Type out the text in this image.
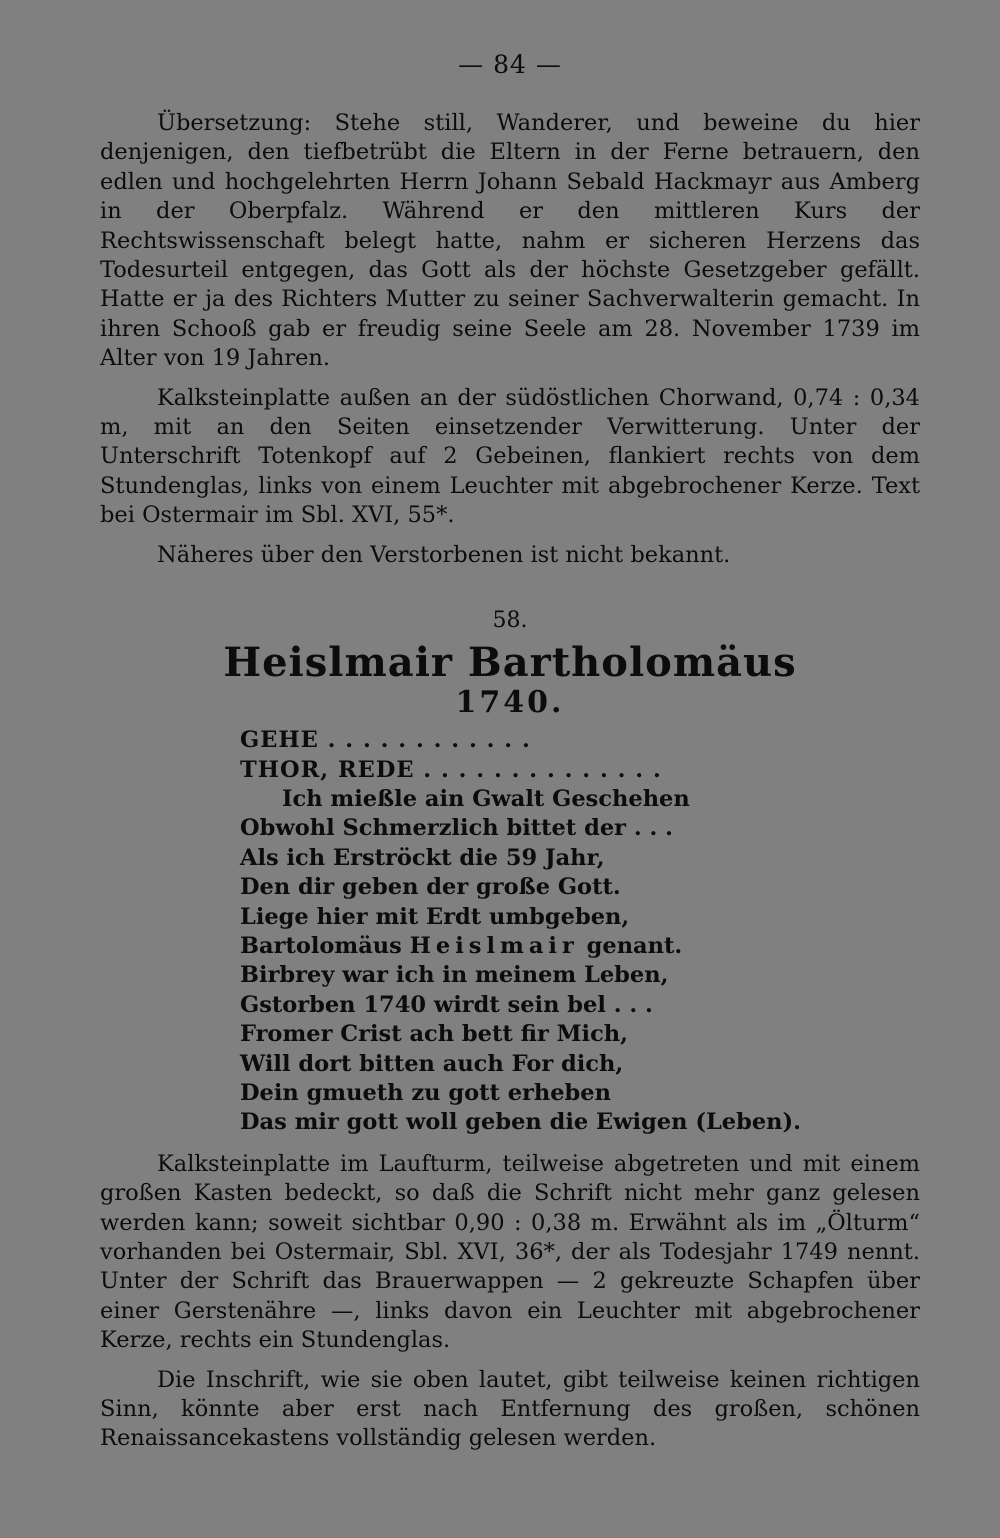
— 84 —

Übersetzung: Stehe still, Wanderer, und beweine du hier denjenigen, den tiefbetrübt die Eltern in der Ferne betrauern, den edlen und hochgelehrten Herrn Johann Sebald Hackmayr aus Amberg in der Oberpfalz. Während er den mittleren Kurs der Rechtswissenschaft belegt hatte, nahm er sicheren Herzens das Todesurteil entgegen, das Gott als der höchste Gesetzgeber gefällt. Hatte er ja des Richters Mutter zu seiner Sachverwalterin gemacht. In ihren Schooß gab er freudig seine Seele am 28. November 1739 im Alter von 19 Jahren.

Kalksteinplatte außen an der südöstlichen Chorwand, 0,74 : 0,34 m, mit an den Seiten einsetzender Verwitterung. Unter der Unterschrift Totenkopf auf 2 Gebeinen, flankiert rechts von dem Stundenglas, links von einem Leuchter mit abgebrochener Kerze. Text bei Ostermair im Sbl. XVI, 55*.

Näheres über den Verstorbenen ist nicht bekannt.

58.
Heislmair Bartholomäus
1740.
GEHE . . . . . . . . . . . .
THOR, REDE . . . . . . . . . . . . . .
Ich mießle ain Gwalt Geschehen
Obwohl Schmerzlich bittet der . . .
Als ich Erströckt die 59 Jahr,
Den dir geben der große Gott.
Liege hier mit Erdt umbgeben,
Bartolomäus Heislmair genant.
Birbrey war ich in meinem Leben,
Gstorben 1740 wirdt sein bel . . .
Fromer Crist ach bett fir Mich,
Will dort bitten auch For dich,
Dein gmueth zu gott erheben
Das mir gott woll geben die Ewigen (Leben).

Kalksteinplatte im Laufturm, teilweise abgetreten und mit einem großen Kasten bedeckt, so daß die Schrift nicht mehr ganz gelesen werden kann; soweit sichtbar 0,90 : 0,38 m. Erwähnt als im „Ölturm“ vorhanden bei Ostermair, Sbl. XVI, 36*, der als Todesjahr 1749 nennt. Unter der Schrift das Brauerwappen — 2 gekreuzte Schapfen über einer Gerstenähre —, links davon ein Leuchter mit abgebrochener Kerze, rechts ein Stundenglas.

Die Inschrift, wie sie oben lautet, gibt teilweise keinen richtigen Sinn, könnte aber erst nach Entfernung des großen, schönen Renaissancekastens vollständig gelesen werden.
